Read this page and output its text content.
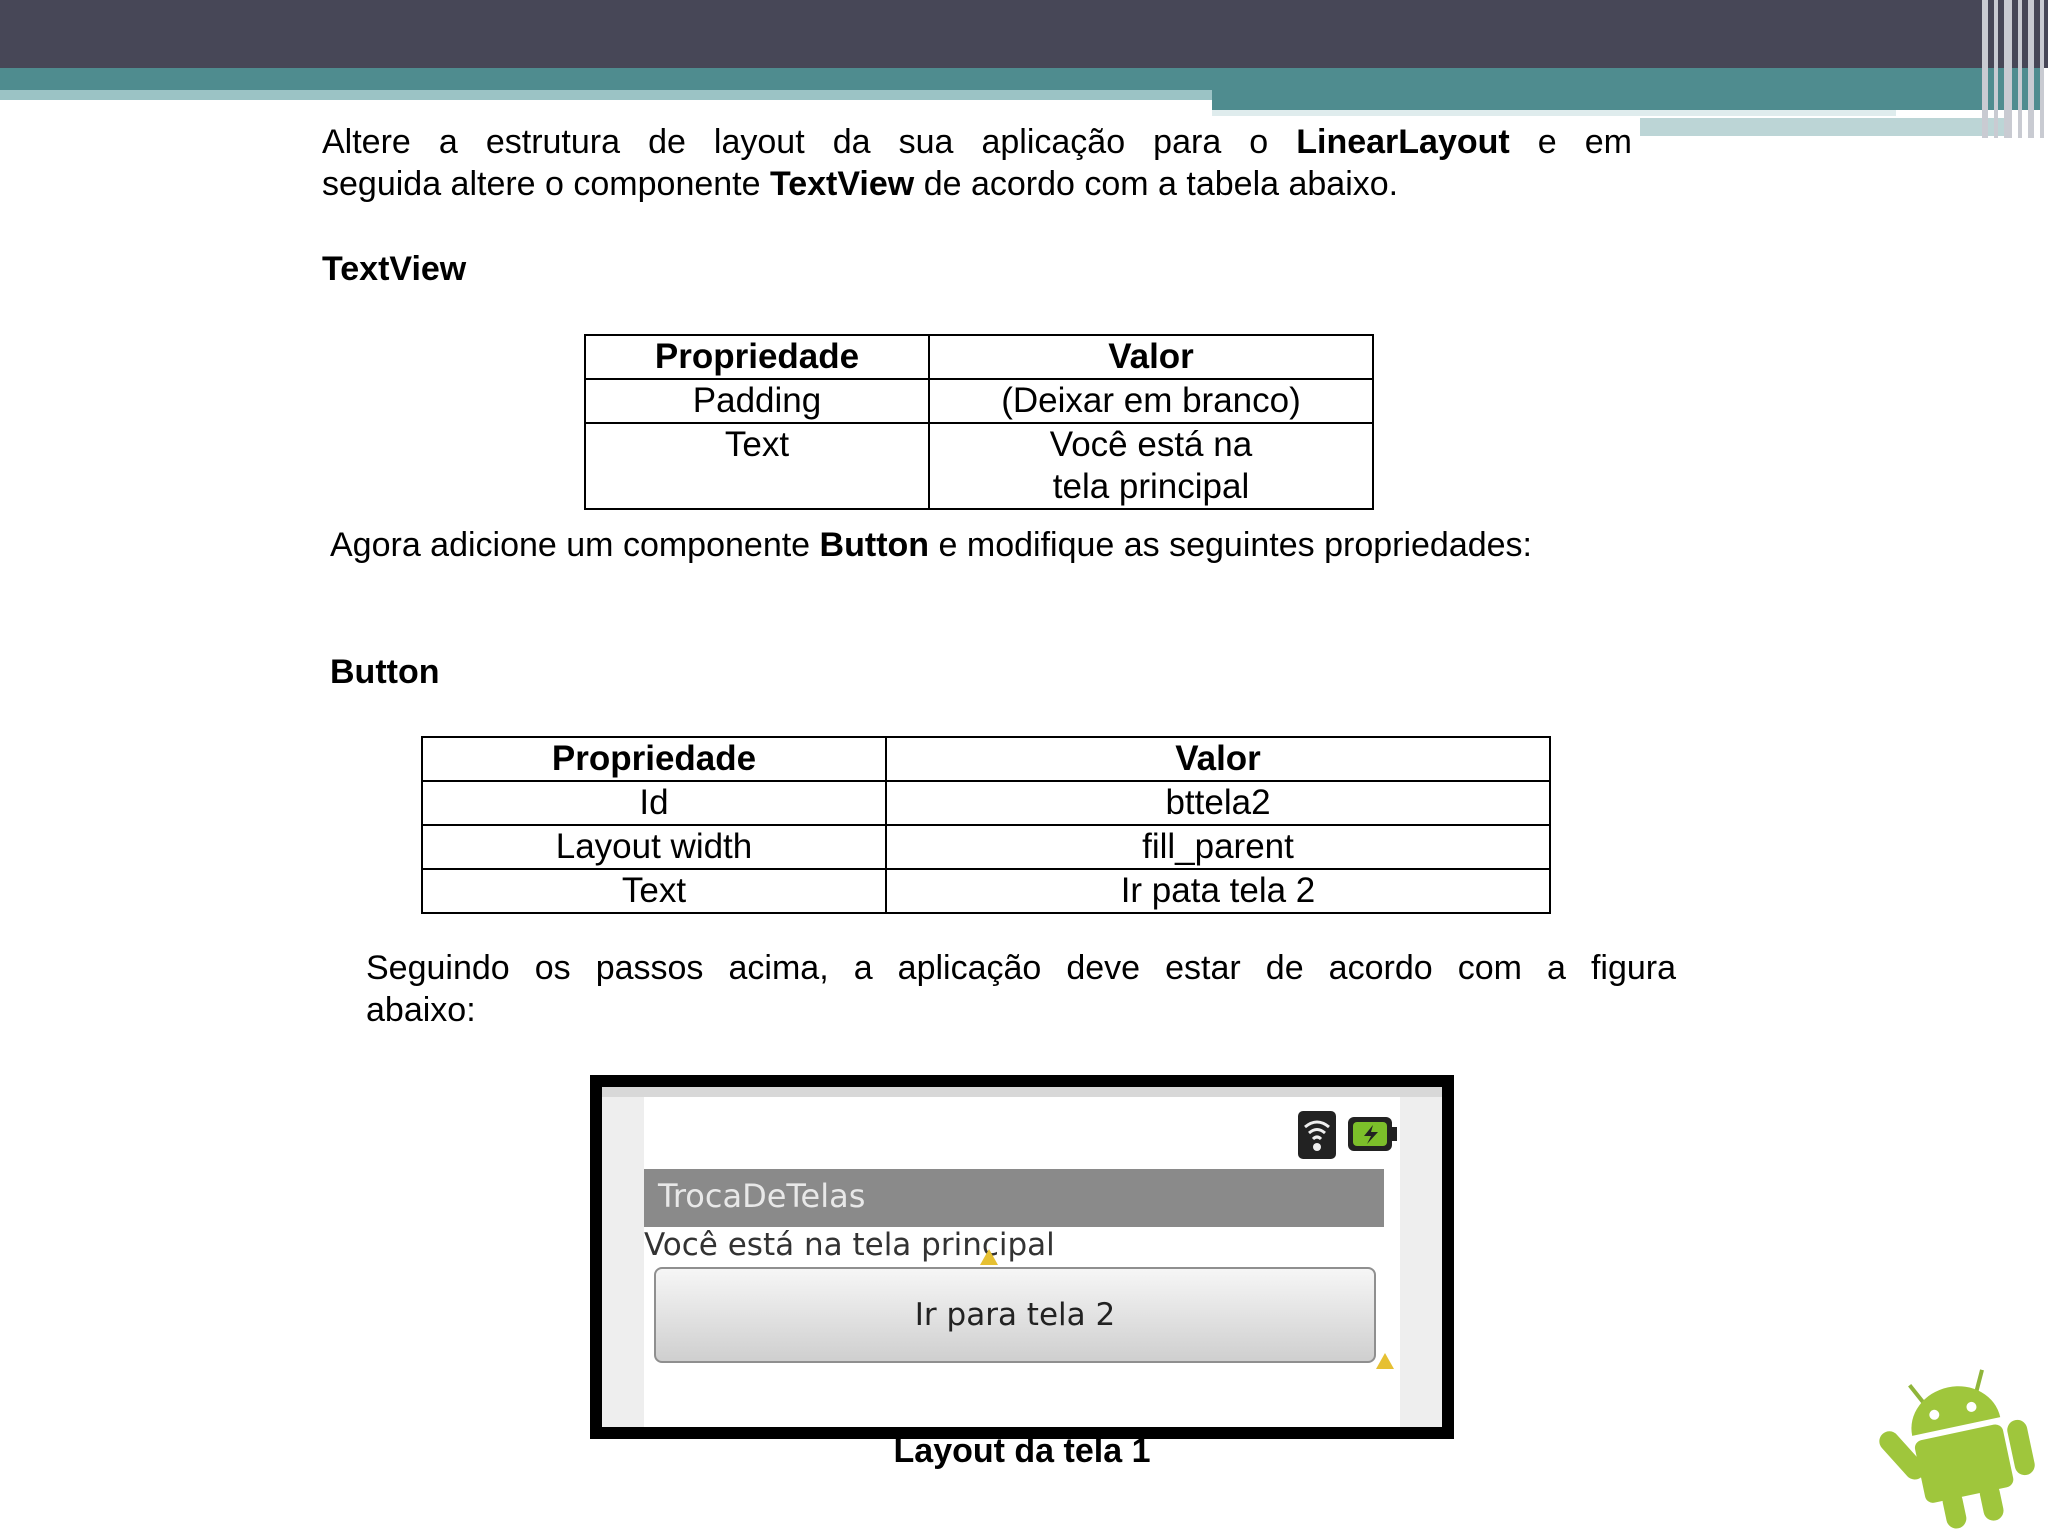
Altere a estrutura de layout da sua aplicação para o LinearLayout e em
seguida altere o componente TextView de acordo com a tabela abaixo.
TextView
Propriedade	Valor
Padding	(Deixar em branco)
Text	Você está na tela principal
Agora adicione um componente Button e modifique as seguintes propriedades:
Button
Propriedade	Valor
Id	bttela2
Layout width	fill_parent
Text	Ir pata tela 2
Seguindo os passos acima, a aplicação deve estar de acordo com a figura
abaixo:
TrocaDeTelas
Você está na tela principal
Ir para tela 2
Layout da tela 1
